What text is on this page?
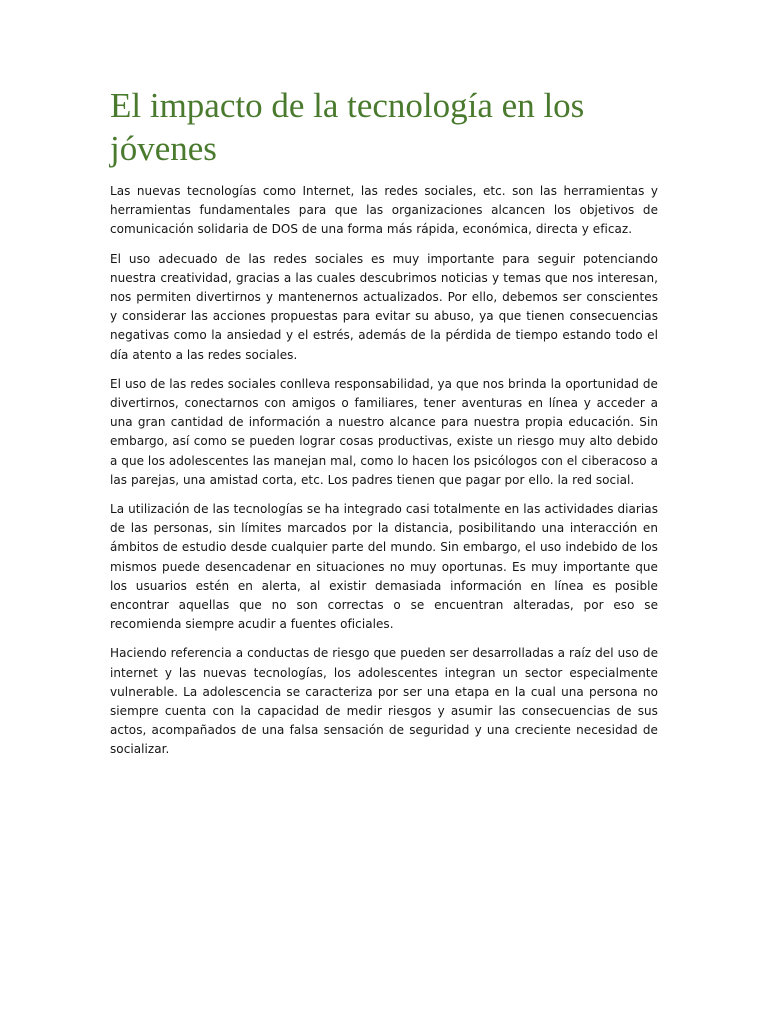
El impacto de la tecnología en los jóvenes

Las nuevas tecnologías como Internet, las redes sociales, etc. son las herramientas y herramientas fundamentales para que las organizaciones alcancen los objetivos de comunicación solidaria de DOS de una forma más rápida, económica, directa y eficaz.

El uso adecuado de las redes sociales es muy importante para seguir potenciando nuestra creatividad, gracias a las cuales descubrimos noticias y temas que nos interesan, nos permiten divertirnos y mantenernos actualizados. Por ello, debemos ser conscientes y considerar las acciones propuestas para evitar su abuso, ya que tienen consecuencias negativas como la ansiedad y el estrés, además de la pérdida de tiempo estando todo el día atento a las redes sociales.

El uso de las redes sociales conlleva responsabilidad, ya que nos brinda la oportunidad de divertirnos, conectarnos con amigos o familiares, tener aventuras en línea y acceder a una gran cantidad de información a nuestro alcance para nuestra propia educación. Sin embargo, así como se pueden lograr cosas productivas, existe un riesgo muy alto debido a que los adolescentes las manejan mal, como lo hacen los psicólogos con el ciberacoso a las parejas, una amistad corta, etc. Los padres tienen que pagar por ello. la red social.

La utilización de las tecnologías se ha integrado casi totalmente en las actividades diarias de las personas, sin límites marcados por la distancia, posibilitando una interacción en ámbitos de estudio desde cualquier parte del mundo. Sin embargo, el uso indebido de los mismos puede desencadenar en situaciones no muy oportunas. Es muy importante que los usuarios estén en alerta, al existir demasiada información en línea es posible encontrar aquellas que no son correctas o se encuentran alteradas, por eso se recomienda siempre acudir a fuentes oficiales.

Haciendo referencia a conductas de riesgo que pueden ser desarrolladas a raíz del uso de internet y las nuevas tecnologías, los adolescentes integran un sector especialmente vulnerable. La adolescencia se caracteriza por ser una etapa en la cual una persona no siempre cuenta con la capacidad de medir riesgos y asumir las consecuencias de sus actos, acompañados de una falsa sensación de seguridad y una creciente necesidad de socializar.
